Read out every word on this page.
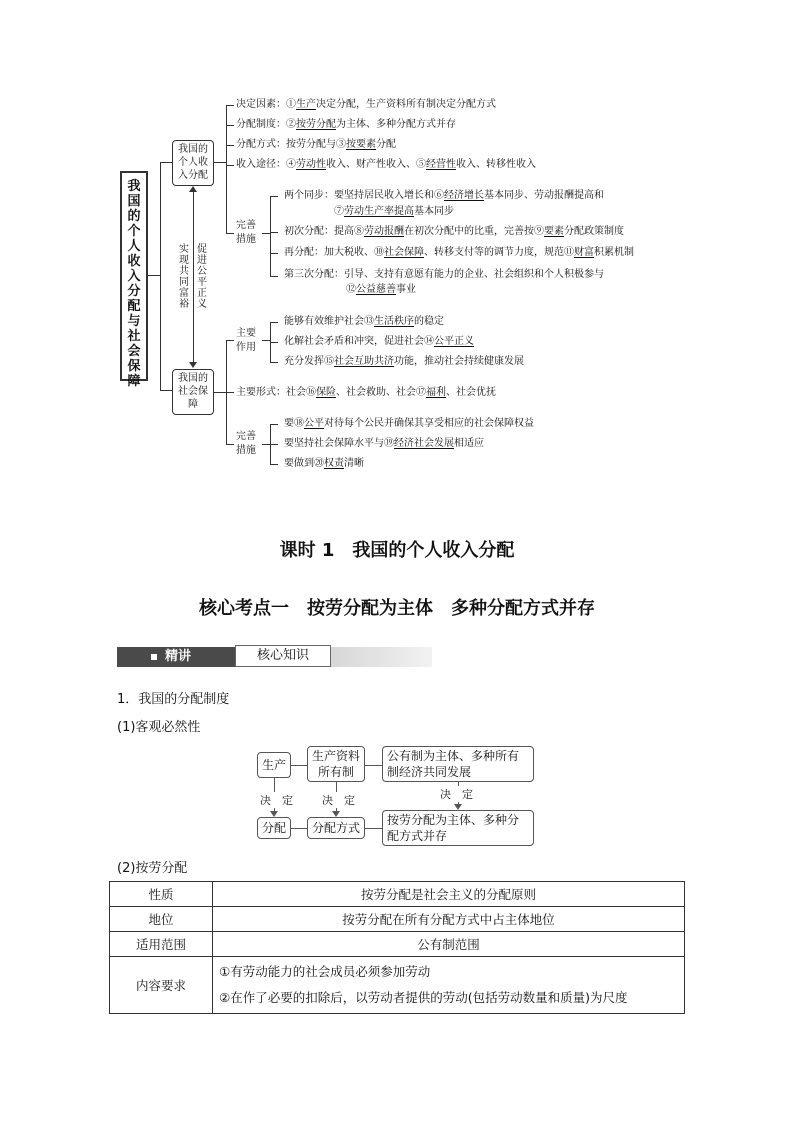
我国的个人收入分配与社会保障
我国的个人收入分配
我国的社会保障
实现共同富裕
促进公平正义
决定因素：①生产决定分配，生产资料所有制决定分配方式
分配制度：②按劳分配为主体、多种分配方式并存
分配方式：按劳分配与③按要素分配
收入途径：④劳动性收入、财产性收入、⑤经营性收入、转移性收入
完善措施
两个同步：要坚持居民收入增长和⑥经济增长基本同步、劳动报酬提高和
⑦劳动生产率提高基本同步
初次分配：提高⑧劳动报酬在初次分配中的比重，完善按⑨要素分配政策制度
再分配：加大税收、⑩社会保障、转移支付等的调节力度，规范⑪财富积累机制
第三次分配：引导、支持有意愿有能力的企业、社会组织和个人积极参与
⑫公益慈善事业
主要作用
能够有效维护社会⑬生活秩序的稳定
化解社会矛盾和冲突，促进社会⑭公平正义
充分发挥⑮社会互助共济功能，推动社会持续健康发展
主要形式：社会⑯保险、社会救助、社会⑰福利、社会优抚
完善措施
要⑱公平对待每个公民并确保其享受相应的社会保障权益
要坚持社会保障水平与⑲经济社会发展相适应
要做到⑳权责清晰
课时 1　我国的个人收入分配
核心考点一　按劳分配为主体　多种分配方式并存
精讲	核心知识
1．我国的分配制度
(1)客观必然性
生产
生产资料所有制
公有制为主体、多种所有制经济共同发展
分配	分配方式
按劳分配为主体、多种分配方式并存
决　定	决　定	决　定
(2)按劳分配
性质	按劳分配是社会主义的分配原则
地位	按劳分配在所有分配方式中占主体地位
适用范围	公有制范围
内容要求	①有劳动能力的社会成员必须参加劳动
②在作了必要的扣除后，以劳动者提供的劳动(包括劳动数量和质量)为尺度
